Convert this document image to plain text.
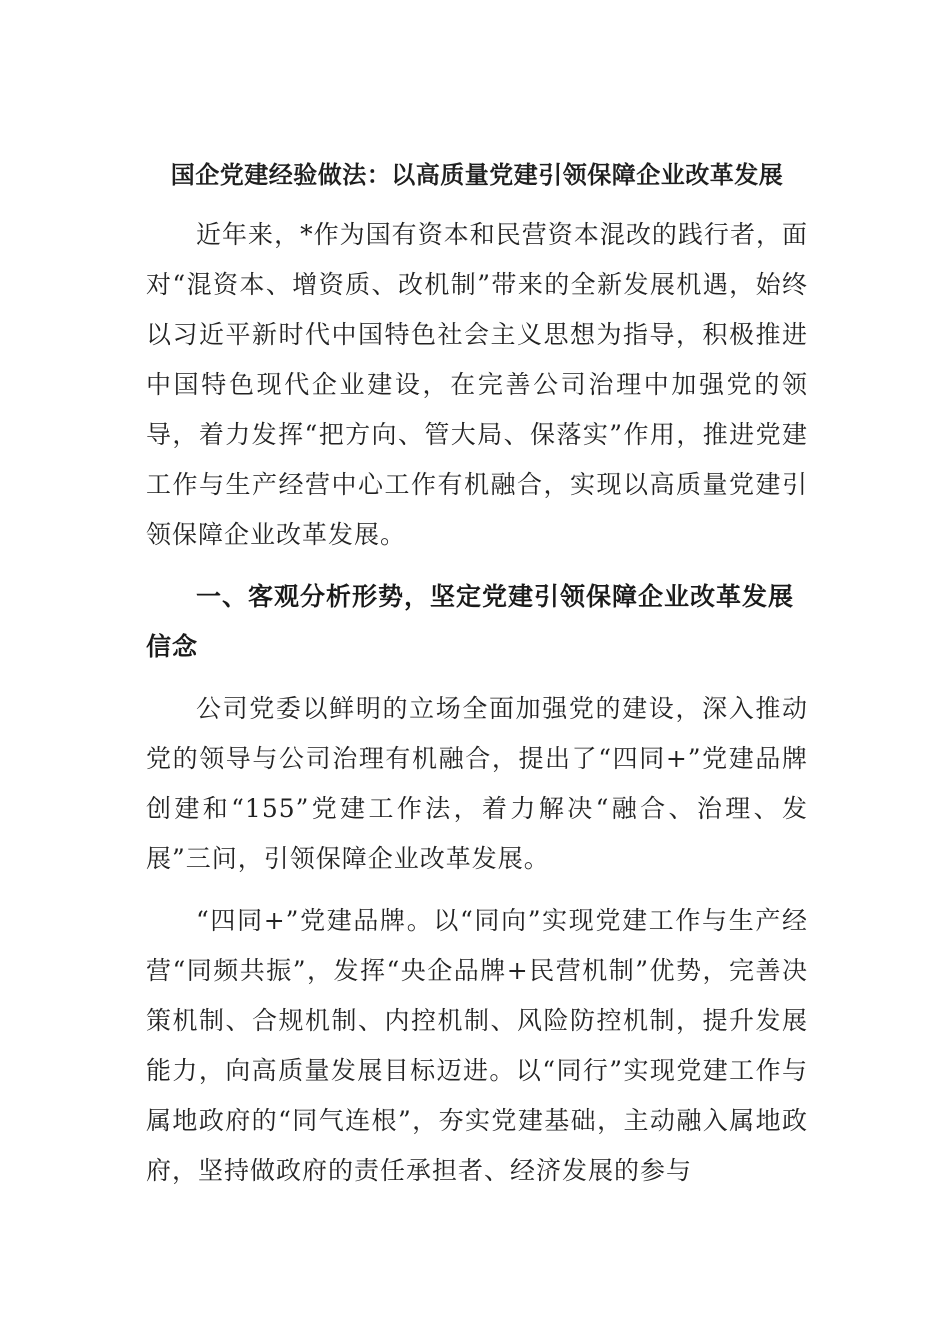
国企党建经验做法：以高质量党建引领保障企业改革发展

近年来，*作为国有资本和民营资本混改的践行者，面对“混资本、增资质、改机制”带来的全新发展机遇，始终以习近平新时代中国特色社会主义思想为指导，积极推进中国特色现代企业建设，在完善公司治理中加强党的领导，着力发挥“把方向、管大局、保落实”作用，推进党建工作与生产经营中心工作有机融合，实现以高质量党建引领保障企业改革发展。

一、客观分析形势，坚定党建引领保障企业改革发展信念

公司党委以鲜明的立场全面加强党的建设，深入推动党的领导与公司治理有机融合，提出了“四同+”党建品牌创建和“155”党建工作法，着力解决“融合、治理、发展”三问，引领保障企业改革发展。

“四同+”党建品牌。以“同向”实现党建工作与生产经营“同频共振”，发挥“央企品牌+民营机制”优势，完善决策机制、合规机制、内控机制、风险防控机制，提升发展能力，向高质量发展目标迈进。以“同行”实现党建工作与属地政府的“同气连根”，夯实党建基础，主动融入属地政府，坚持做政府的责任承担者、经济发展的参与
